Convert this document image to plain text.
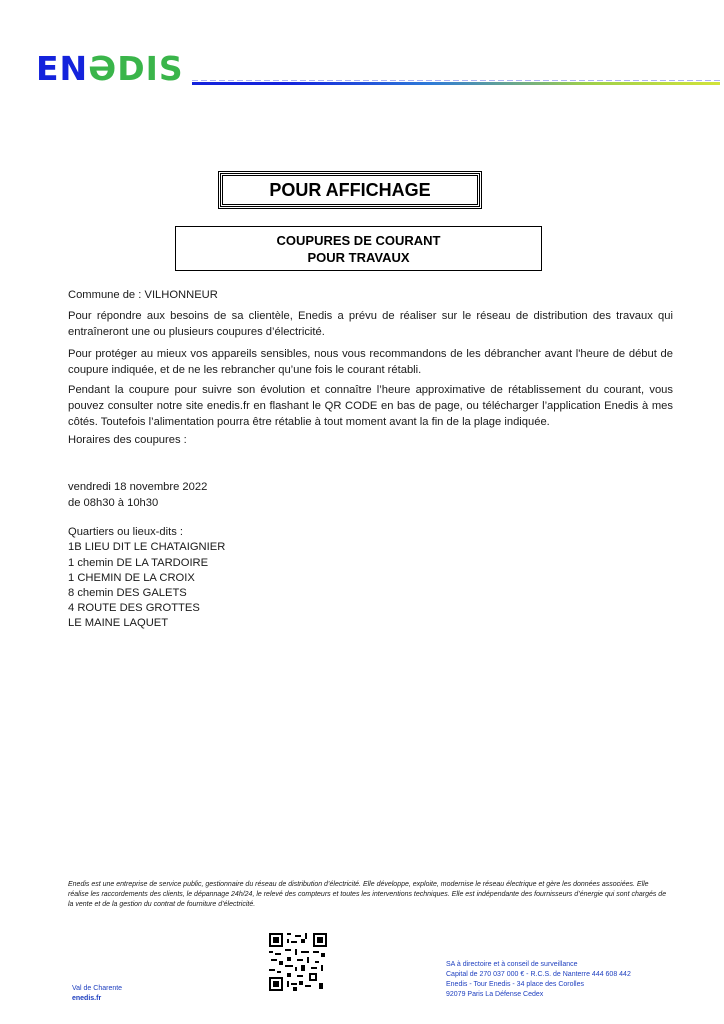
ENƏDIS
POUR AFFICHAGE
COUPURES DE COURANT
POUR TRAVAUX
Commune de : VILHONNEUR
Pour répondre aux besoins de sa clientèle, Enedis a prévu de réaliser sur le réseau de distribution des travaux qui entraîneront une ou plusieurs coupures d’électricité.
Pour protéger au mieux vos appareils sensibles, nous vous recommandons de les débrancher avant l'heure de début de coupure indiquée, et de ne les rebrancher qu’une fois le courant rétabli.
Pendant la coupure pour suivre son évolution et connaître l’heure approximative de rétablissement du courant, vous pouvez consulter notre site enedis.fr en flashant le QR CODE en bas de page, ou télécharger l’application Enedis à mes côtés. Toutefois l’alimentation pourra être rétablie à tout moment avant la fin de la plage indiquée.
Horaires des coupures :
vendredi 18 novembre 2022
de 08h30 à 10h30
Quartiers ou lieux-dits :
1B LIEU DIT LE CHATAIGNIER
1 chemin DE LA TARDOIRE
1 CHEMIN DE LA CROIX
8 chemin DES GALETS
4 ROUTE DES GROTTES
LE MAINE LAQUET
Enedis est une entreprise de service public, gestionnaire du réseau de distribution d’électricité. Elle développe, exploite, modernise le réseau électrique et gère les données associées. Elle réalise les raccordements des clients, le dépannage 24h/24, le relevé des compteurs et toutes les interventions techniques. Elle est indépendante des fournisseurs d’énergie qui sont chargés de la vente et de la gestion du contrat de fourniture d’électricité.
Val de Charente
enedis.fr
SA à directoire et à conseil de surveillance
Capital de 270 037 000 € - R.C.S. de Nanterre 444 608 442
Enedis - Tour Enedis - 34 place des Corolles
92079 Paris La Défense Cedex
